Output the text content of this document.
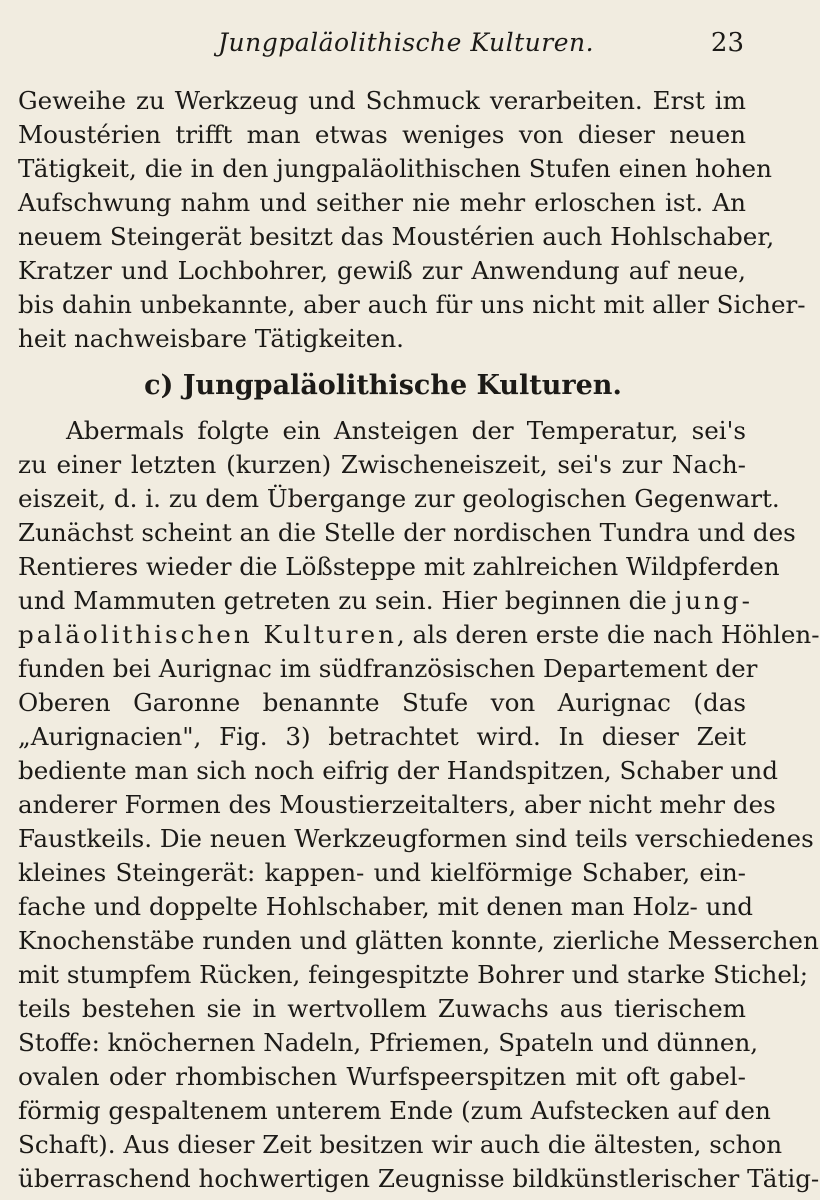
Jungpaläolithische Kulturen.	23
Geweihe zu Werkzeug und Schmuck verarbeiten. Erst im
Moustérien trifft man etwas weniges von dieser neuen
Tätigkeit, die in den jungpaläolithischen Stufen einen hohen
Aufschwung nahm und seither nie mehr erloschen ist. An
neuem Steingerät besitzt das Moustérien auch Hohlschaber,
Kratzer und Lochbohrer, gewiß zur Anwendung auf neue,
bis dahin unbekannte, aber auch für uns nicht mit aller Sicher-
heit nachweisbare Tätigkeiten.
c) Jungpaläolithische Kulturen.
Abermals folgte ein Ansteigen der Temperatur, sei's
zu einer letzten (kurzen) Zwischeneiszeit, sei's zur Nach-
eiszeit, d. i. zu dem Übergange zur geologischen Gegenwart.
Zunächst scheint an die Stelle der nordischen Tundra und des
Rentieres wieder die Lößsteppe mit zahlreichen Wildpferden
und Mammuten getreten zu sein. Hier beginnen die jung-
paläolithischen Kulturen, als deren erste die nach Höhlen-
funden bei Aurignac im südfranzösischen Departement der
Oberen Garonne benannte Stufe von Aurignac (das
„Aurignacien", Fig. 3) betrachtet wird. In dieser Zeit
bediente man sich noch eifrig der Handspitzen, Schaber und
anderer Formen des Moustierzeitalters, aber nicht mehr des
Faustkeils. Die neuen Werkzeugformen sind teils verschiedenes
kleines Steingerät: kappen- und kielförmige Schaber, ein-
fache und doppelte Hohlschaber, mit denen man Holz- und
Knochenstäbe runden und glätten konnte, zierliche Messerchen
mit stumpfem Rücken, feingespitzte Bohrer und starke Stichel;
teils bestehen sie in wertvollem Zuwachs aus tierischem
Stoffe: knöchernen Nadeln, Pfriemen, Spateln und dünnen,
ovalen oder rhombischen Wurfspeerspitzen mit oft gabel-
förmig gespaltenem unterem Ende (zum Aufstecken auf den
Schaft). Aus dieser Zeit besitzen wir auch die ältesten, schon
überraschend hochwertigen Zeugnisse bildkünstlerischer Tätig-
